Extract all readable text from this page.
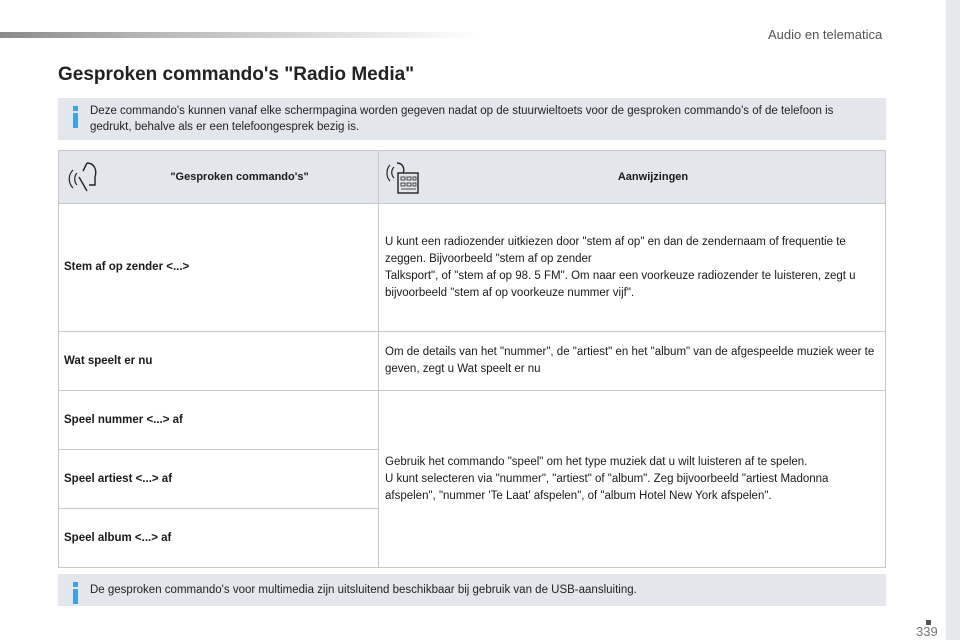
Audio en telematica
Gesproken commando's "Radio Media"
Deze commando's kunnen vanaf elke schermpagina worden gegeven nadat op de stuurwieltoets voor de gesproken commando's of de telefoon is gedrukt, behalve als er een telefoongesprek bezig is.
"Gesproken commando's"	Aanwijzingen

Stem af op zender <...>	U kunt een radiozender uitkiezen door "stem af op" en dan de zendernaam of frequentie te zeggen. Bijvoorbeeld "stem af op zender
Talksport", of "stem af op 98. 5 FM". Om naar een voorkeuze radiozender te luisteren, zegt u bijvoorbeeld "stem af op voorkeuze nummer vijf".

Wat speelt er nu	Om de details van het "nummer", de "artiest" en het "album" van de afgespeelde muziek weer te geven, zegt u Wat speelt er nu

Speel nummer <...> af	Gebruik het commando "speel" om het type muziek dat u wilt luisteren af te spelen.
U kunt selecteren via "nummer", "artiest" of "album". Zeg bijvoorbeeld "artiest Madonna afspelen", "nummer 'Te Laat' afspelen", of "album Hotel New York afspelen".

Speel artiest <...> af	
Speel album <...> af	
De gesproken commando's voor multimedia zijn uitsluitend beschikbaar bij gebruik van de USB-aansluiting.
339
